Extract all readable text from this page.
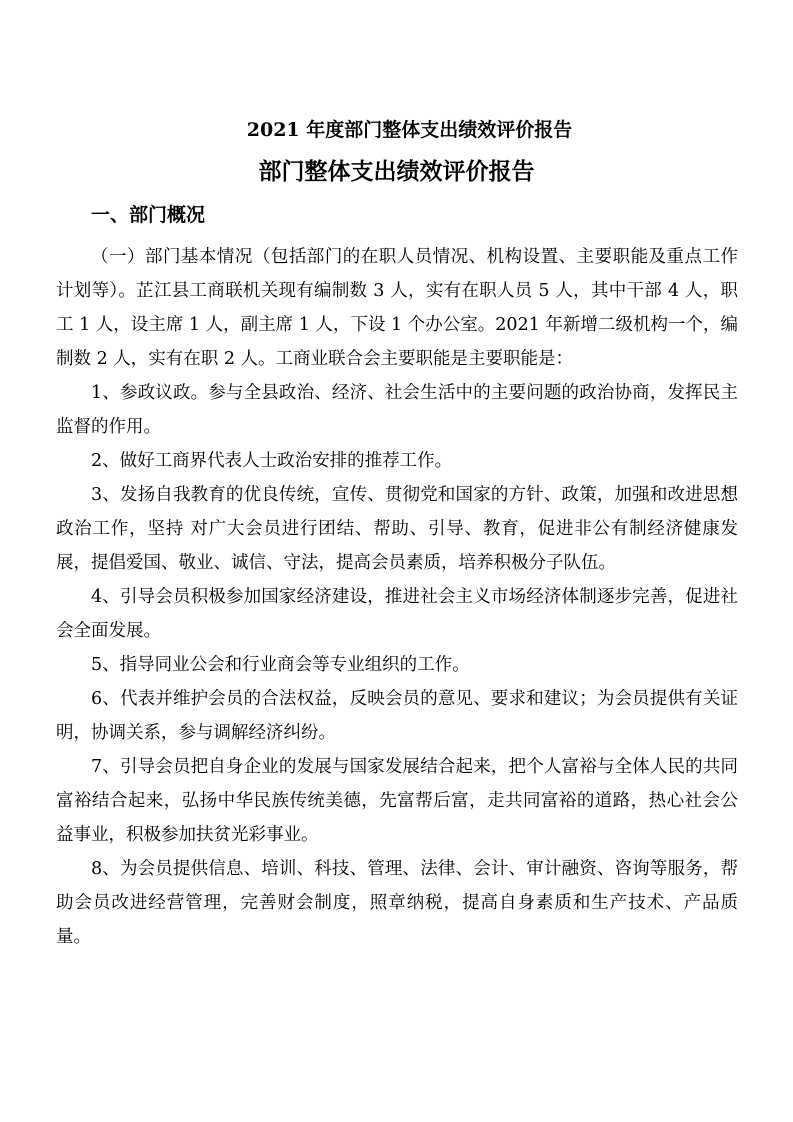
2021 年度部门整体支出绩效评价报告
部门整体支出绩效评价报告
一、部门概况

（一）部门基本情况（包括部门的在职人员情况、机构设置、主要职能及重点工作计划等）。芷江县工商联机关现有编制数 3 人，实有在职人员 5 人，其中干部 4 人，职工 1 人，设主席 1 人，副主席 1 人，下设 1 个办公室。2021 年新增二级机构一个，编制数 2 人，实有在职 2 人。工商业联合会主要职能是主要职能是：

1、参政议政。参与全县政治、经济、社会生活中的主要问题的政治协商，发挥民主监督的作用。

2、做好工商界代表人士政治安排的推荐工作。

3、发扬自我教育的优良传统，宣传、贯彻党和国家的方针、政策，加强和改进思想政治工作，坚持 对广大会员进行团结、帮助、引导、教育，促进非公有制经济健康发展，提倡爱国、敬业、诚信、守法，提高会员素质，培养积极分子队伍。

4、引导会员积极参加国家经济建设，推进社会主义市场经济体制逐步完善，促进社会全面发展。

5、指导同业公会和行业商会等专业组织的工作。

6、代表并维护会员的合法权益，反映会员的意见、要求和建议；为会员提供有关证明，协调关系，参与调解经济纠纷。

7、引导会员把自身企业的发展与国家发展结合起来，把个人富裕与全体人民的共同富裕结合起来，弘扬中华民族传统美德，先富帮后富，走共同富裕的道路，热心社会公益事业，积极参加扶贫光彩事业。

8、为会员提供信息、培训、科技、管理、法律、会计、审计融资、咨询等服务，帮助会员改进经营管理，完善财会制度，照章纳税，提高自身素质和生产技术、产品质量。
